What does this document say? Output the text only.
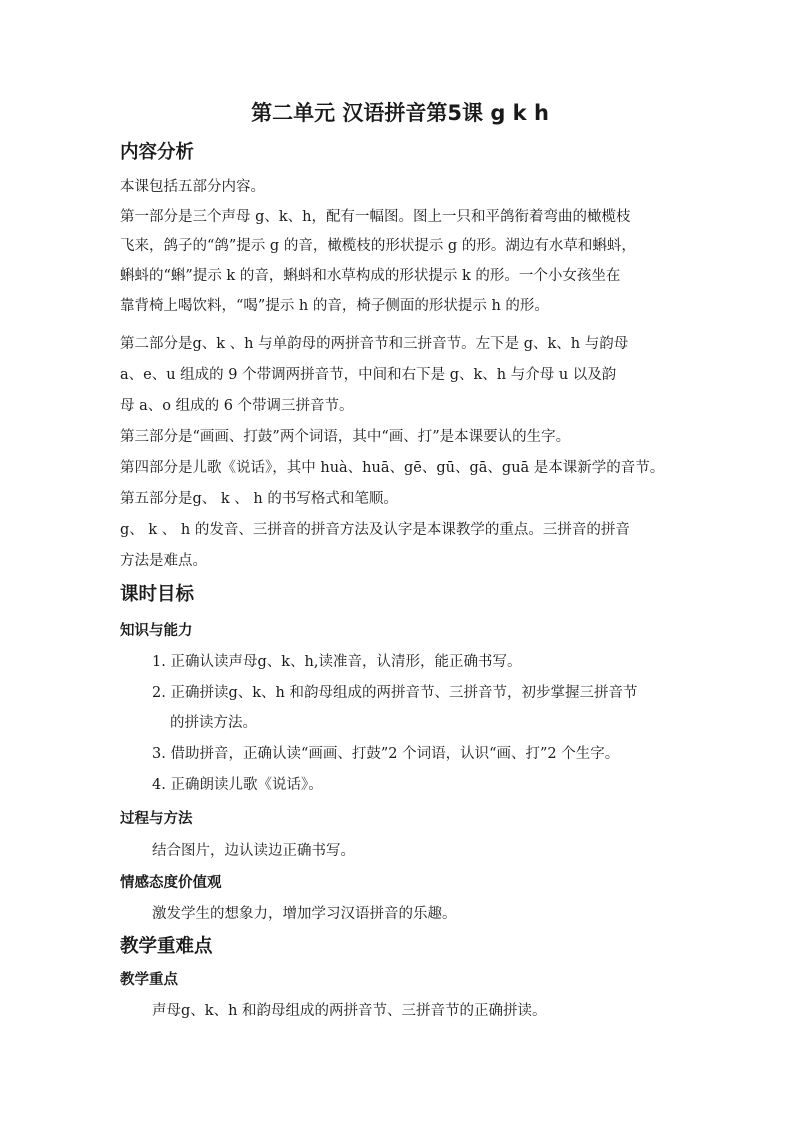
第二单元 汉语拼音第5课 g k h
内容分析
本课包括五部分内容。
第一部分是三个声母 g、k、h，配有一幅图。图上一只和平鸽衔着弯曲的橄榄枝
飞来，鸽子的“鸽”提示 g 的音，橄榄枝的形状提示 g 的形。湖边有水草和蝌蚪，
蝌蚪的“蝌”提示 k 的音，蝌蚪和水草构成的形状提示 k 的形。一个小女孩坐在
靠背椅上喝饮料，“喝”提示 h 的音，椅子侧面的形状提示 h 的形。
第二部分是g、k 、h 与单韵母的两拼音节和三拼音节。左下是 g、k、h 与韵母
a、e、u 组成的 9 个带调两拼音节，中间和右下是 g、k、h 与介母 u 以及韵
母 a、o 组成的 6 个带调三拼音节。
第三部分是“画画、打鼓”两个词语，其中“画、打”是本课要认的生字。
第四部分是儿歌《说话》，其中 huà、huā、gē、gū、gā、guā 是本课新学的音节。
第五部分是g、 k 、 h 的书写格式和笔顺。
g、 k 、 h 的发音、三拼音的拼音方法及认字是本课教学的重点。三拼音的拼音
方法是难点。
课时目标
知识与能力
1. 正确认读声母g、k、h,读准音，认清形，能正确书写。
2. 正确拼读g、k、h 和韵母组成的两拼音节、三拼音节，初步掌握三拼音节
的拼读方法。
3. 借助拼音，正确认读“画画、打鼓”2 个词语，认识“画、打”2 个生字。
4. 正确朗读儿歌《说话》。
过程与方法
结合图片，边认读边正确书写。
情感态度价值观
激发学生的想象力，增加学习汉语拼音的乐趣。
教学重难点
教学重点
声母g、k、h 和韵母组成的两拼音节、三拼音节的正确拼读。
